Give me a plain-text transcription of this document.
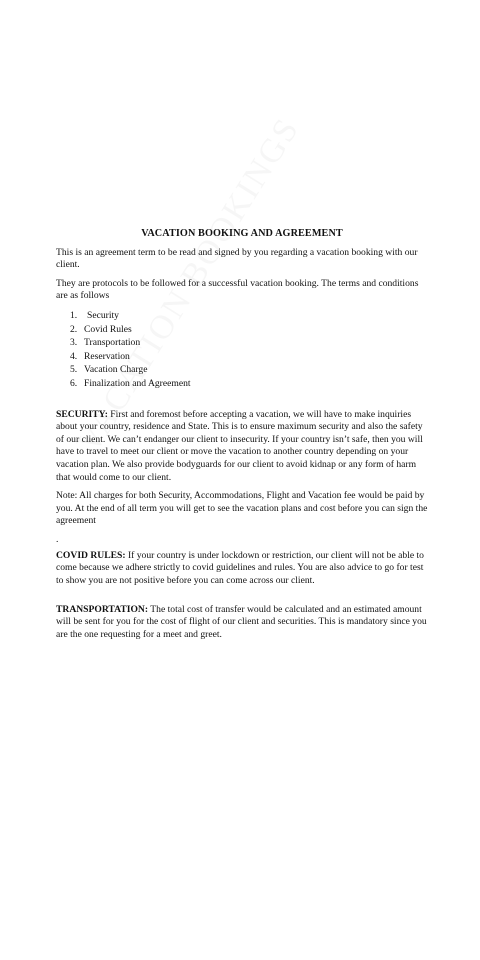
VACATION BOOKING AND AGREEMENT

This is an agreement term to be read and signed by you regarding a vacation booking with our client.

They are protocols to be followed for a successful vacation booking. The terms and conditions are as follows

1. Security
2. Covid Rules
3. Transportation
4. Reservation
5. Vacation Charge
6. Finalization and Agreement

SECURITY: First and foremost before accepting a vacation, we will have to make inquiries about your country, residence and State. This is to ensure maximum security and also the safety of our client. We can’t endanger our client to insecurity. If your country isn’t safe, then you will have to travel to meet our client or move the vacation to another country depending on your vacation plan. We also provide bodyguards for our client to avoid kidnap or any form of harm that would come to our client.

Note: All charges for both Security, Accommodations, Flight and Vacation fee would be paid by you. At the end of all term you will get to see the vacation plans and cost before you can sign the agreement

.

COVID RULES: If your country is under lockdown or restriction, our client will not be able to come because we adhere strictly to covid guidelines and rules. You are also advice to go for test to show you are not positive before you can come across our client.

TRANSPORTATION: The total cost of transfer would be calculated and an estimated amount will be sent for you for the cost of flight of our client and securities. This is mandatory since you are the one requesting for a meet and greet.
